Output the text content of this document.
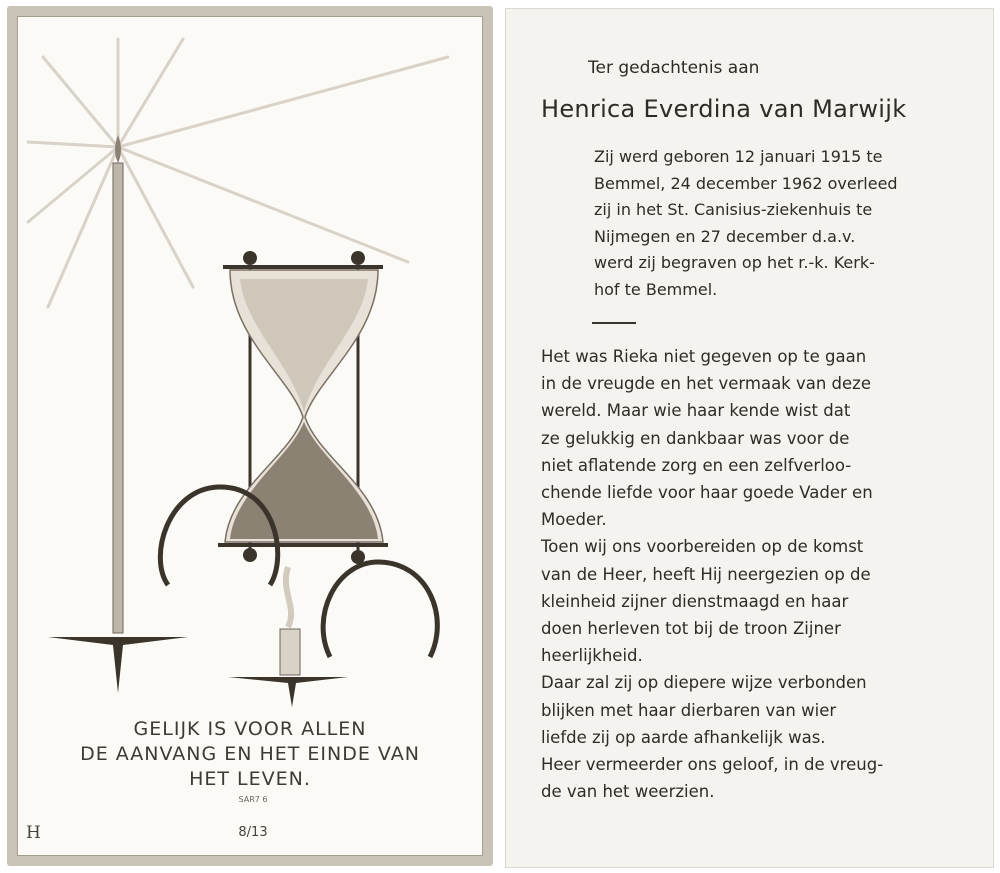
GELIJK IS VOOR ALLEN
DE AANVANG EN HET EINDE VAN
HET LEVEN.
SAR7 6
H	8/13
Ter gedachtenis aan
Henrica Everdina van Marwijk
Zij werd geboren 12 januari 1915 te
Bemmel, 24 december 1962 overleed
zij in het St. Canisius-ziekenhuis te
Nijmegen en 27 december d.a.v.
werd zij begraven op het r.-k. Kerk-
hof te Bemmel.
Het was Rieka niet gegeven op te gaan
in de vreugde en het vermaak van deze
wereld. Maar wie haar kende wist dat
ze gelukkig en dankbaar was voor de
niet aflatende zorg en een zelfverloo-
chende liefde voor haar goede Vader en
Moeder.
Toen wij ons voorbereiden op de komst
van de Heer, heeft Hij neergezien op de
kleinheid zijner dienstmaagd en haar
doen herleven tot bij de troon Zijner
heerlijkheid.
Daar zal zij op diepere wijze verbonden
blijken met haar dierbaren van wier
liefde zij op aarde afhankelijk was.
Heer vermeerder ons geloof, in de vreug-
de van het weerzien.
